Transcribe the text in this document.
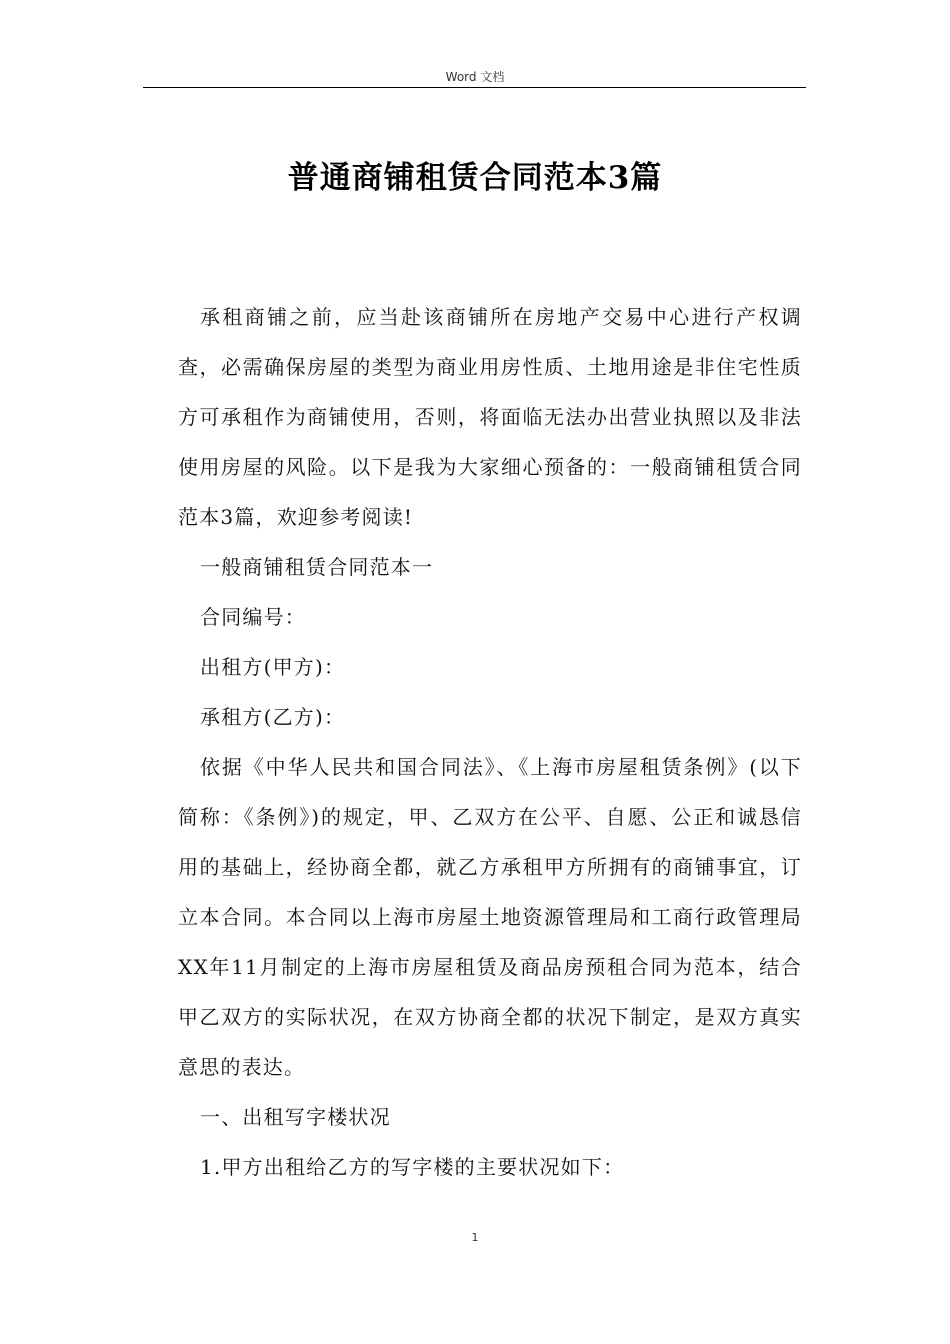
Word 文档
普通商铺租赁合同范本3篇

承租商铺之前，应当赴该商铺所在房地产交易中心进行产权调查，必需确保房屋的类型为商业用房性质、土地用途是非住宅性质方可承租作为商铺使用，否则，将面临无法办出营业执照以及非法使用房屋的风险。以下是我为大家细心预备的：一般商铺租赁合同范本3篇，欢迎参考阅读!

一般商铺租赁合同范本一

合同编号：

出租方(甲方)：

承租方(乙方)：

依据《中华人民共和国合同法》、《上海市房屋租赁条例》(以下简称：《条例》)的规定，甲、乙双方在公平、自愿、公正和诚恳信用的基础上，经协商全都，就乙方承租甲方所拥有的商铺事宜，订立本合同。本合同以上海市房屋土地资源管理局和工商行政管理局XX年11月制定的上海市房屋租赁及商品房预租合同为范本，结合甲乙双方的实际状况，在双方协商全都的状况下制定，是双方真实意思的表达。

一、出租写字楼状况

1.甲方出租给乙方的写字楼的主要状况如下：

1
